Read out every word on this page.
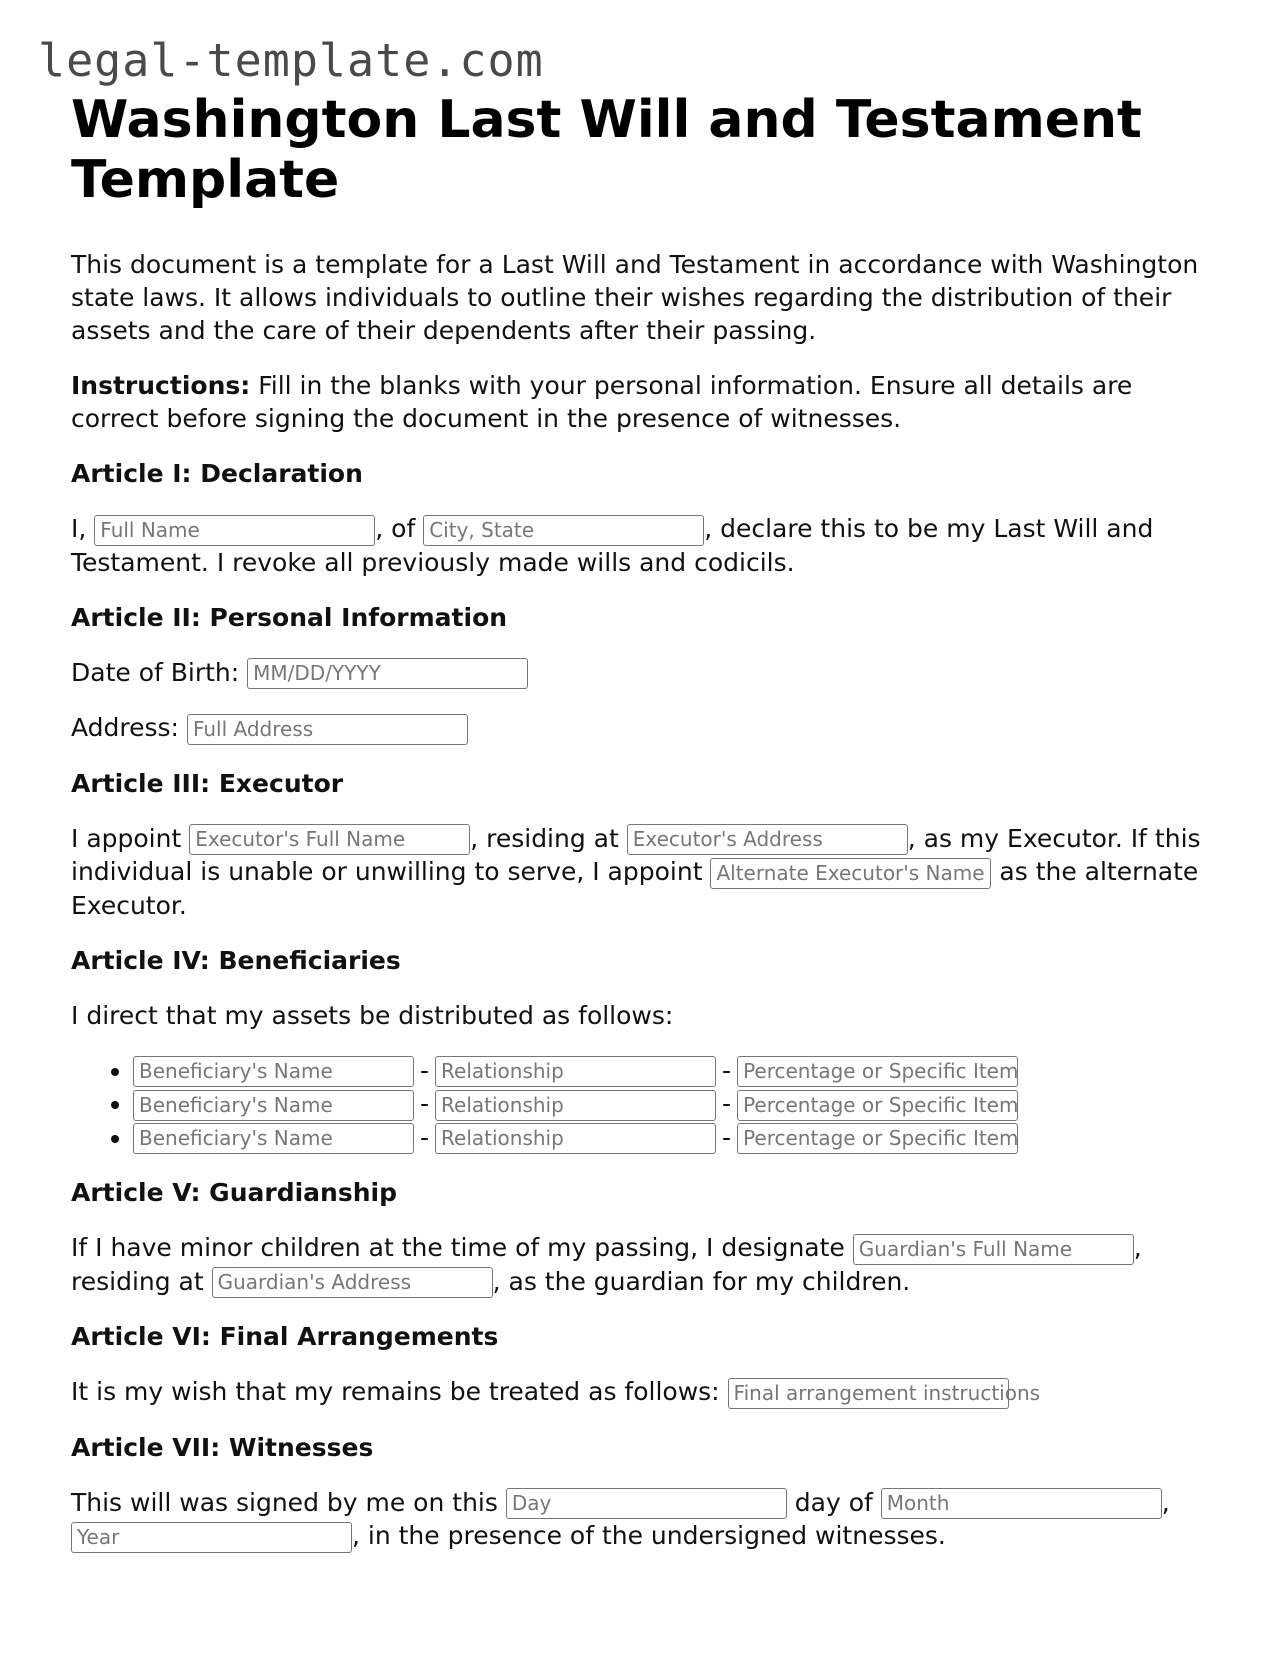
legal-template.com
Washington Last Will and Testament Template

This document is a template for a Last Will and Testament in accordance with Washington state laws. It allows individuals to outline their wishes regarding the distribution of their assets and the care of their dependents after their passing.

Instructions: Fill in the blanks with your personal information. Ensure all details are correct before signing the document in the presence of witnesses.

Article I: Declaration

I, Full Name	, of City, State	, declare this to be my Last Will and Testament. I revoke all previously made wills and codicils.

Article II: Personal Information

Date of Birth: MM/DD/YYYY

Address: Full Address

Article III: Executor

I appoint Executor's Full Name	, residing at Executor's Address	, as my Executor. If this individual is unable or unwilling to serve, I appoint Alternate Executor's Name as the alternate Executor.

Article IV: Beneficiaries

I direct that my assets be distributed as follows:

• Beneficiary's Name	- Relationship	- Percentage or Specific Item
• Beneficiary's Name	- Relationship	- Percentage or Specific Item
• Beneficiary's Name	- Relationship	- Percentage or Specific Item
Article V: Guardianship

If I have minor children at the time of my passing, I designate Guardian's Full Name , residing at Guardian's Address	, as the guardian for my children.

Article VI: Final Arrangements

It is my wish that my remains be treated as follows: Final arrangement instructions

Article VII: Witnesses

This will was signed by me on this Day	day of Month	, Year	, in the presence of the undersigned witnesses.
